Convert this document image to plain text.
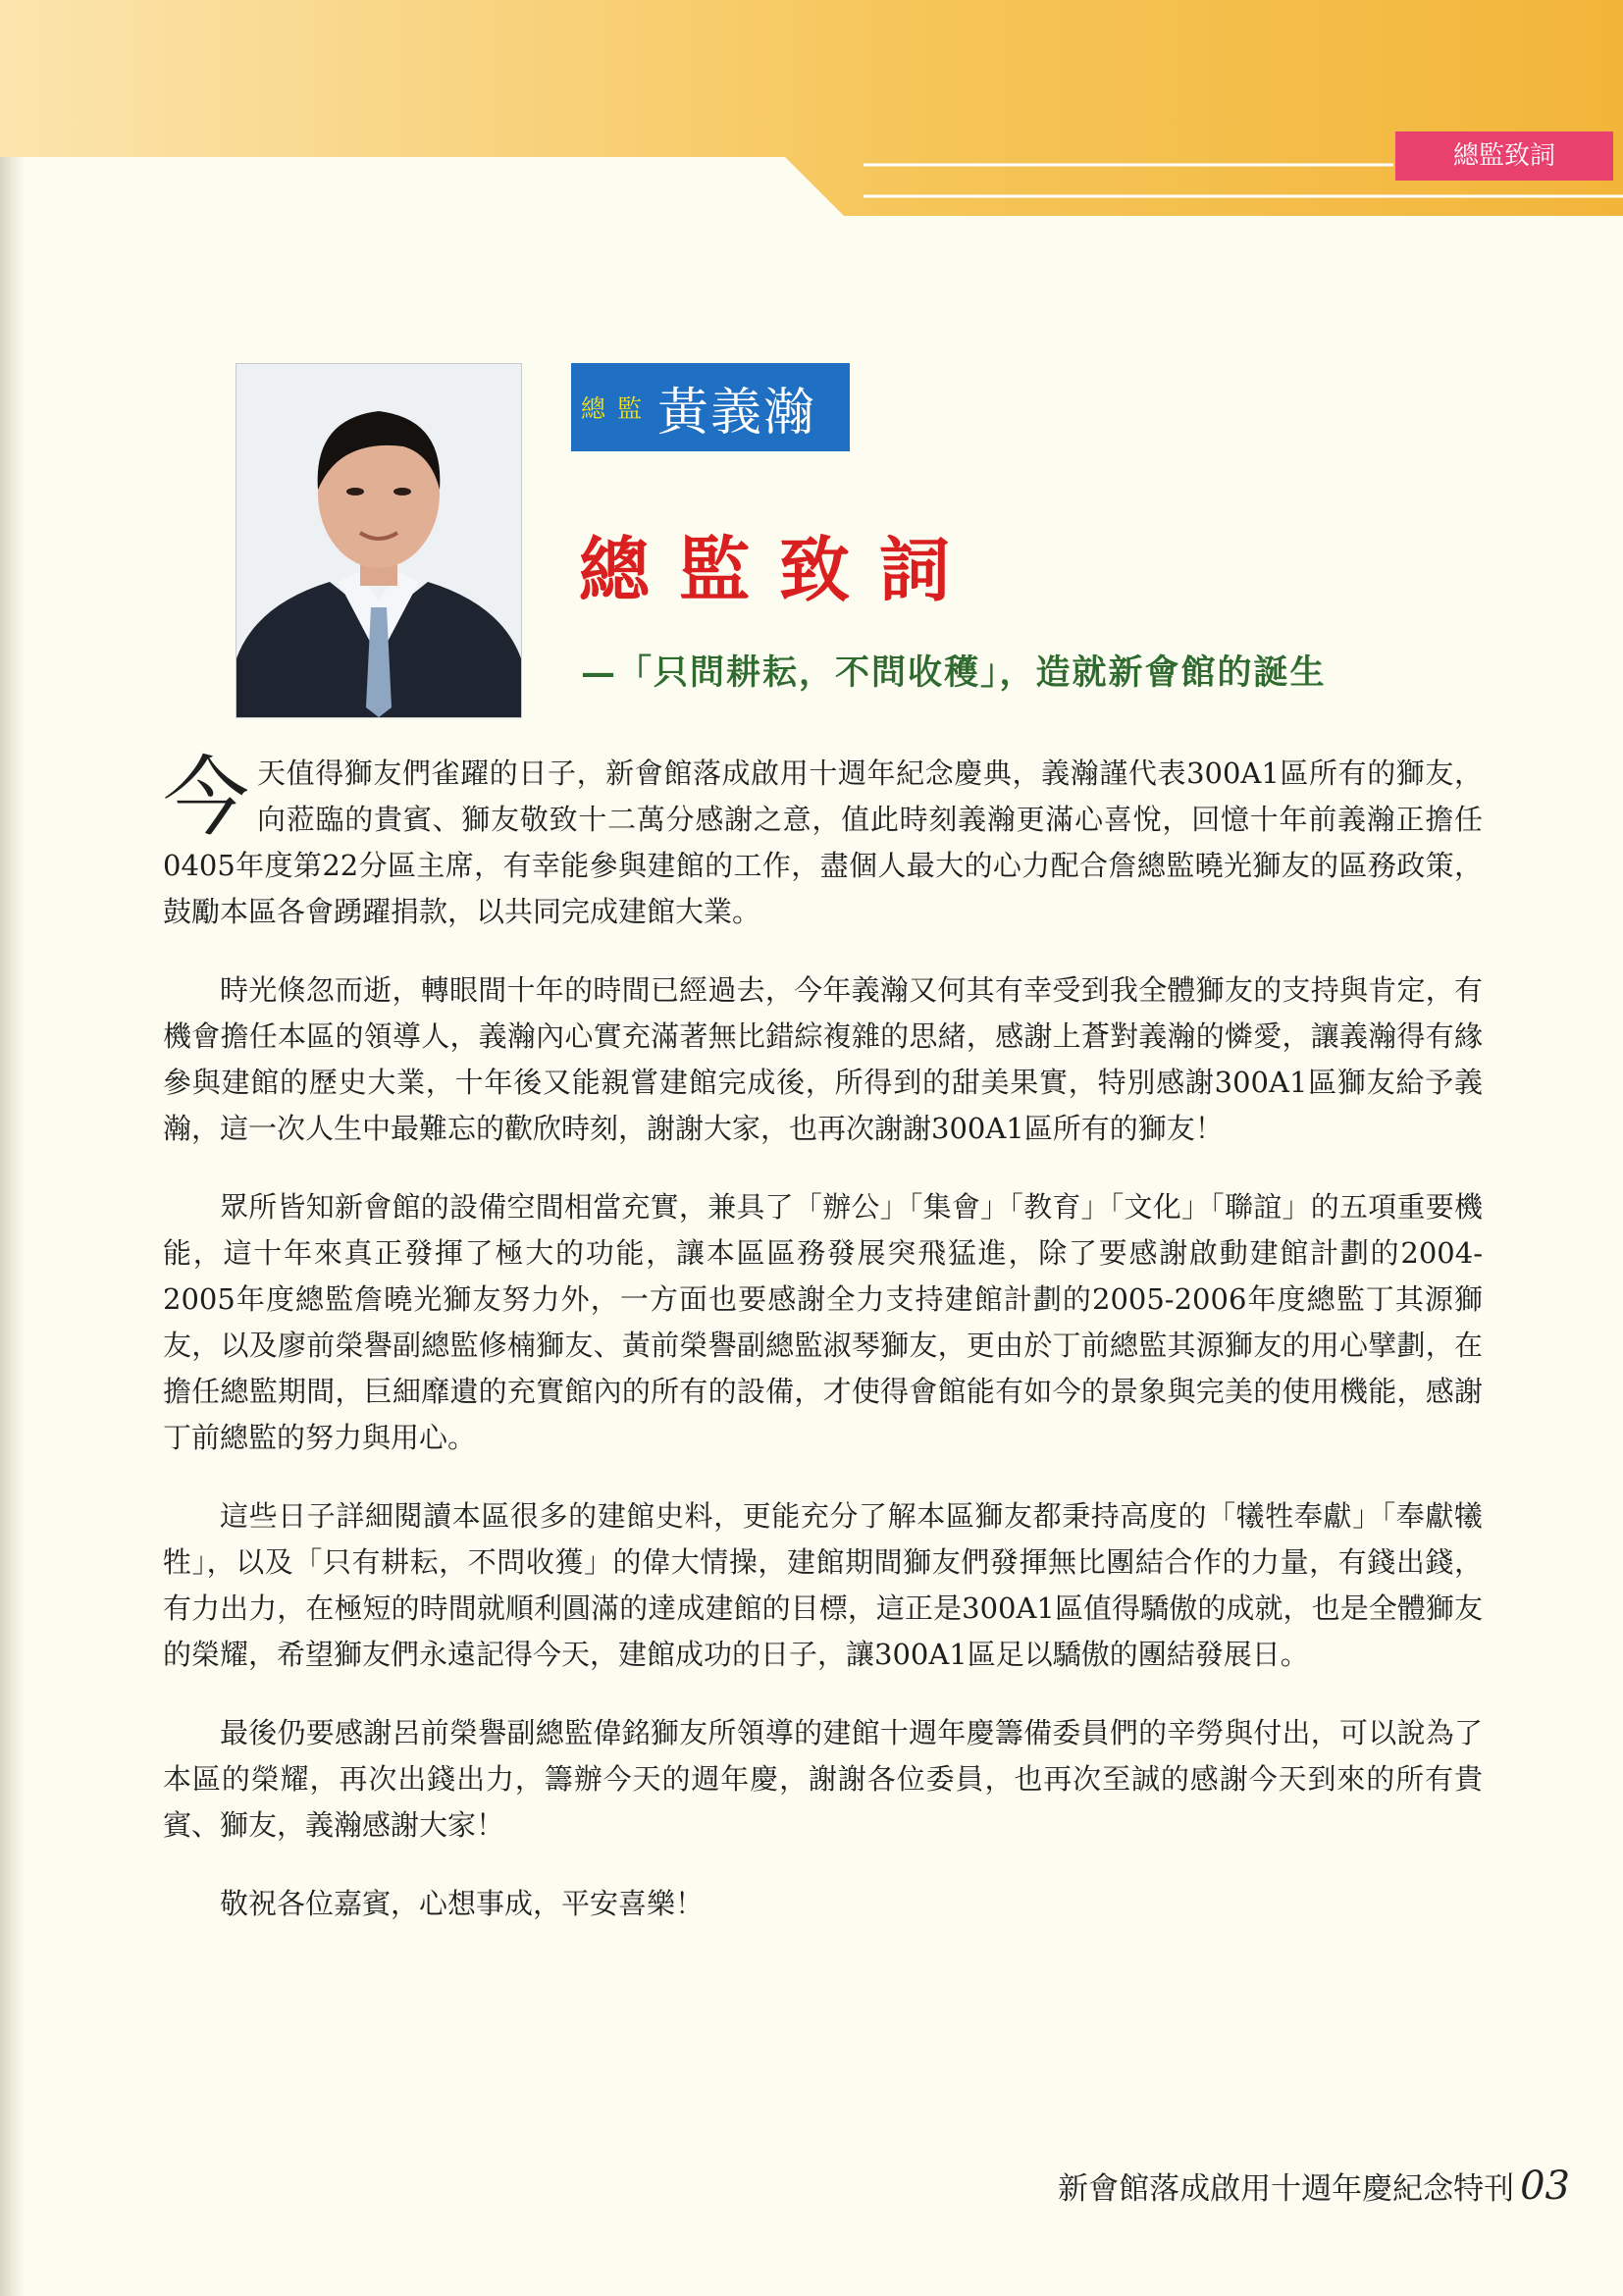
總監致詞
總監 黃義瀚
總監致詞
—「只問耕耘，不問收穫」，造就新會館的誕生

今天值得獅友們雀躍的日子，新會館落成啟用十週年紀念慶典，義瀚謹代表300A1區所有的獅友，向蒞臨的貴賓、獅友敬致十二萬分感謝之意，值此時刻義瀚更滿心喜悅，回憶十年前義瀚正擔任0405年度第22分區主席，有幸能參與建館的工作，盡個人最大的心力配合詹總監曉光獅友的區務政策，鼓勵本區各會踴躍捐款，以共同完成建館大業。

時光倏忽而逝，轉眼間十年的時間已經過去，今年義瀚又何其有幸受到我全體獅友的支持與肯定，有機會擔任本區的領導人，義瀚內心實充滿著無比錯綜複雜的思緒，感謝上蒼對義瀚的憐愛，讓義瀚得有緣參與建館的歷史大業，十年後又能親嘗建館完成後，所得到的甜美果實，特別感謝300A1區獅友給予義瀚，這一次人生中最難忘的歡欣時刻，謝謝大家，也再次謝謝300A1區所有的獅友！

眾所皆知新會館的設備空間相當充實，兼具了「辦公」「集會」「教育」「文化」「聯誼」的五項重要機能，這十年來真正發揮了極大的功能，讓本區區務發展突飛猛進，除了要感謝啟動建館計劃的2004-2005年度總監詹曉光獅友努力外，一方面也要感謝全力支持建館計劃的2005-2006年度總監丁其源獅友，以及廖前榮譽副總監修楠獅友、黃前榮譽副總監淑琴獅友，更由於丁前總監其源獅友的用心擘劃，在擔任總監期間，巨細靡遺的充實館內的所有的設備，才使得會館能有如今的景象與完美的使用機能，感謝丁前總監的努力與用心。

這些日子詳細閱讀本區很多的建館史料，更能充分了解本區獅友都秉持高度的「犧牲奉獻」「奉獻犧牲」，以及「只有耕耘，不問收獲」的偉大情操，建館期間獅友們發揮無比團結合作的力量，有錢出錢，有力出力，在極短的時間就順利圓滿的達成建館的目標，這正是300A1區值得驕傲的成就，也是全體獅友的榮耀，希望獅友們永遠記得今天，建館成功的日子，讓300A1區足以驕傲的團結發展日。

最後仍要感謝呂前榮譽副總監偉銘獅友所領導的建館十週年慶籌備委員們的辛勞與付出，可以說為了本區的榮耀，再次出錢出力，籌辦今天的週年慶，謝謝各位委員，也再次至誠的感謝今天到來的所有貴賓、獅友，義瀚感謝大家！

敬祝各位嘉賓，心想事成，平安喜樂！

新會館落成啟用十週年慶紀念特刊 03
